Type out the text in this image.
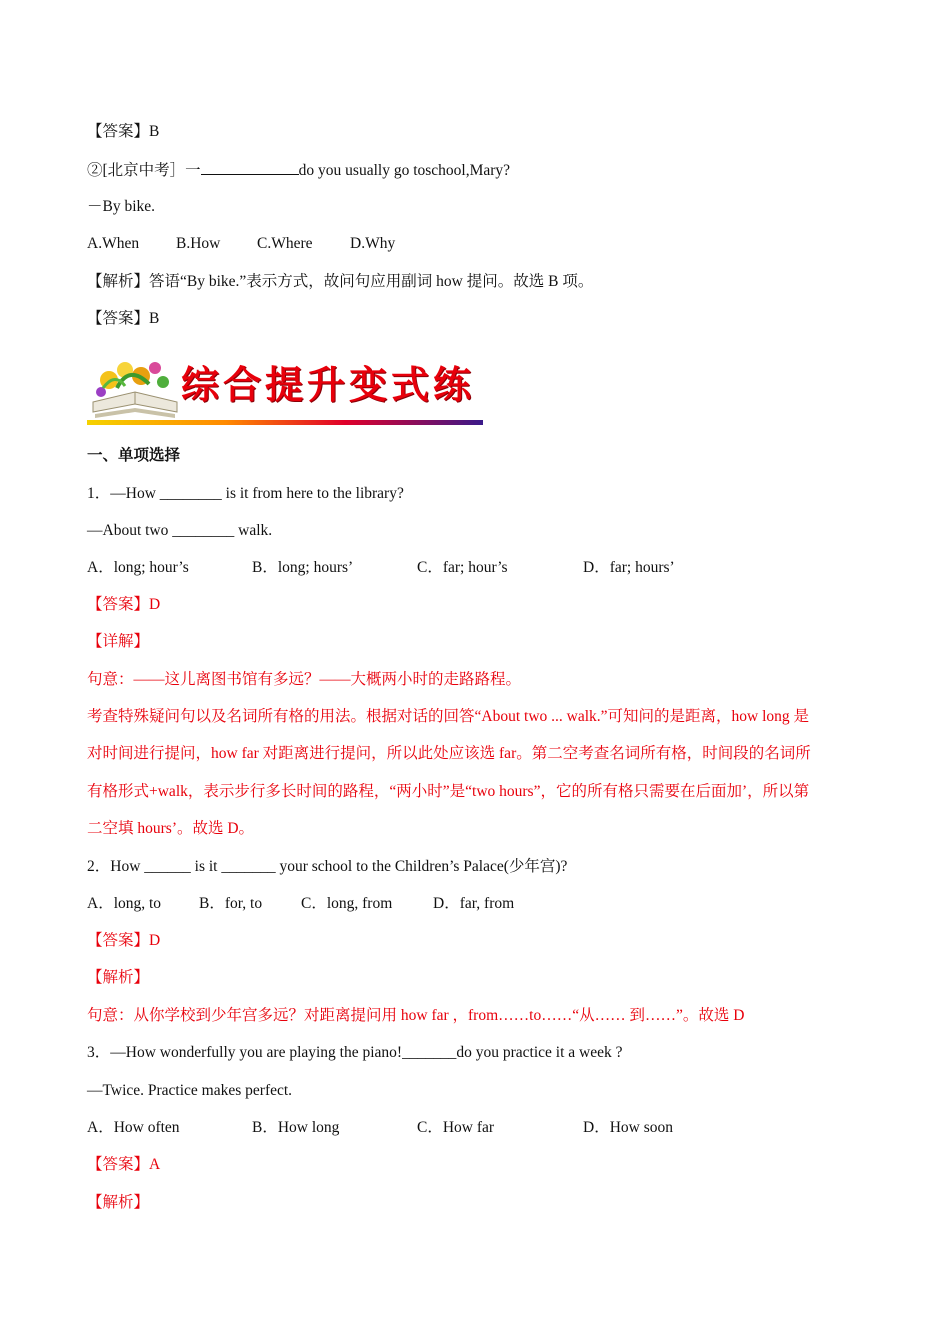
【答案】B
②[北京中考］一	do you usually go toschool,Mary?
－By bike.
A.When B.How C.Where D.Why
【解析】答语“By bike.”表示方式，故问句应用副词 how 提问。故选 B 项。
【答案】B
综合提升变式练
一、单项选择
1．—How ________ is it from here to the library?
—About two ________ walk.
A．long; hour’s	B．long; hours’	C．far; hour’s	D．far; hours’
【答案】D
【详解】
句意：——这儿离图书馆有多远？——大概两小时的走路路程。
考查特殊疑问句以及名词所有格的用法。根据对话的回答“About two ... walk.”可知问的是距离，how long 是
对时间进行提问，how far 对距离进行提问，所以此处应该选 far。第二空考查名词所有格，时间段的名词所
有格形式+walk，表示步行多长时间的路程，“两小时”是“two hours”，它的所有格只需要在后面加’，所以第
二空填 hours’。故选 D。
2．How ______ is it _______ your school to the Children’s Palace(少年宫)?
A．long, to B．for, to	C．long, from	D．far, from
【答案】D
【解析】
句意：从你学校到少年宫多远？对距离提问用 how far ，from……to……“从…… 到……”。故选 D
3．—How wonderfully you are playing the piano!_______do you practice it a week ?
—Twice. Practice makes perfect.
A．How often	B．How long	C．How far	D．How soon
【答案】A
【解析】
